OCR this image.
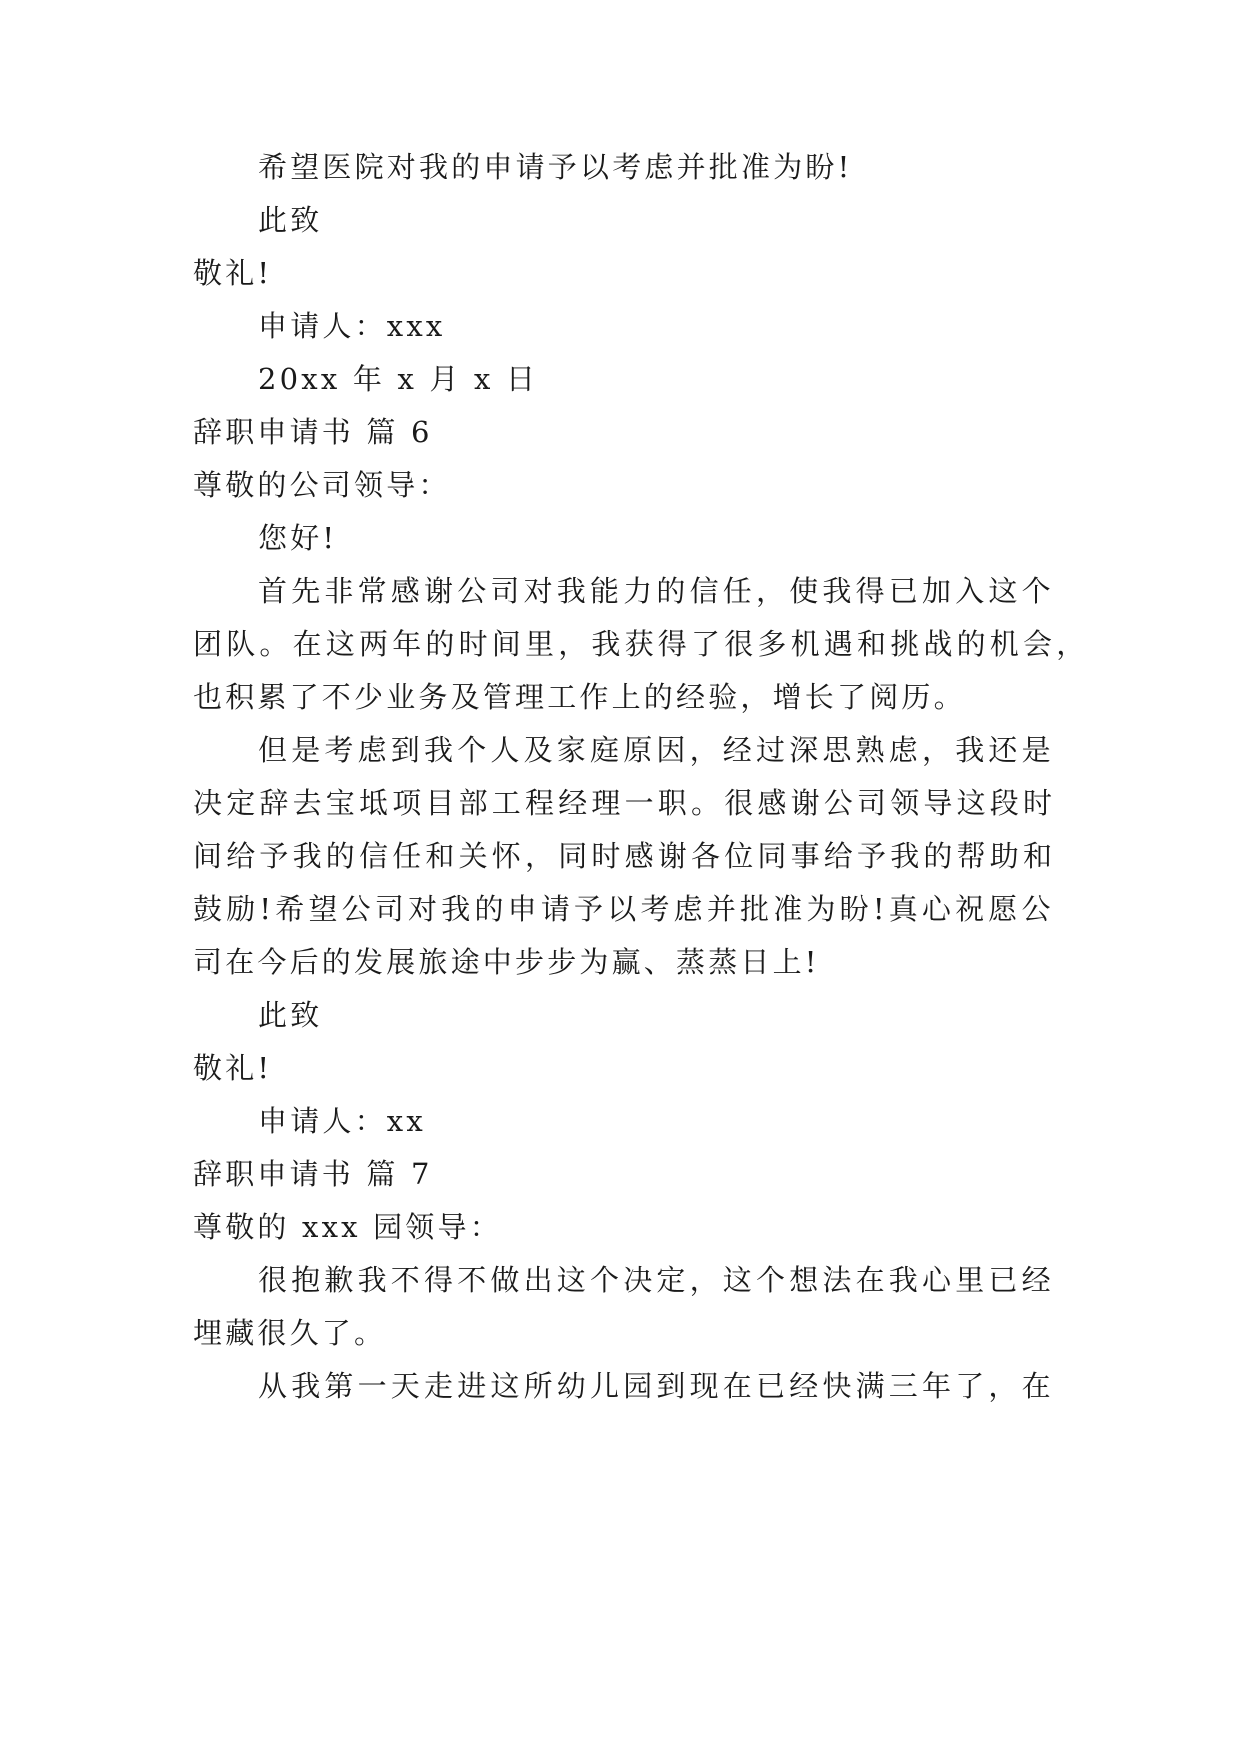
希望医院对我的申请予以考虑并批准为盼!
此致
敬礼!
申请人：xxx
20xx 年 x 月 x 日
辞职申请书 篇 6
尊敬的公司领导：
您好!
首先非常感谢公司对我能力的信任，使我得已加入这个
团队。在这两年的时间里，我获得了很多机遇和挑战的机会，
也积累了不少业务及管理工作上的经验，增长了阅历。
但是考虑到我个人及家庭原因，经过深思熟虑，我还是
决定辞去宝坻项目部工程经理一职。很感谢公司领导这段时
间给予我的信任和关怀，同时感谢各位同事给予我的帮助和
鼓励!希望公司对我的申请予以考虑并批准为盼!真心祝愿公
司在今后的发展旅途中步步为赢、蒸蒸日上!
此致
敬礼!
申请人：xx
辞职申请书 篇 7
尊敬的 xxx 园领导：
很抱歉我不得不做出这个决定，这个想法在我心里已经
埋藏很久了。
从我第一天走进这所幼儿园到现在已经快满三年了，在
